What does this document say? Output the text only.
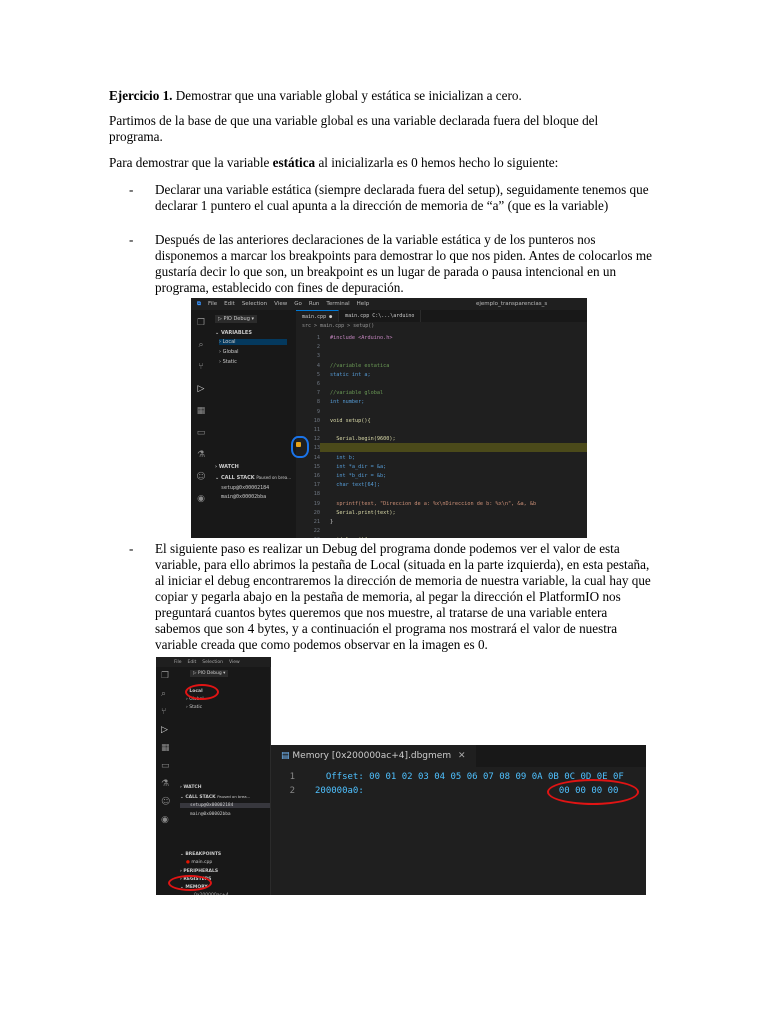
Ejercicio 1. Demostrar que una variable global y estática se inicializan a cero.

Partimos de la base de que una variable global es una variable declarada fuera del bloque del programa.

Para demostrar que la variable estática al inicializarla es 0 hemos hecho lo siguiente:

- Declarar una variable estática (siempre declarada fuera del setup), seguidamente tenemos que declarar 1 puntero el cual apunta a la dirección de memoria de “a” (que es la variable)
- Después de las anteriores declaraciones de la variable estática y de los punteros nos disponemos a marcar los breakpoints para demostrar lo que nos piden. Antes de colocarlos me gustaría decir lo que son, un breakpoint es un lugar de parada o pausa intencional en un programa, establecido con fines de depuración.
⧉ File Edit Selection View Go Run Terminal Help	ejemplo_transparencias_s
❐
⌕
⑂
▷
▦
▭
⚗
☺
◉
▷ PIO Debug ▾
⌄ VARIABLES
› Local
› Global
› Static
› WATCH
⌄ CALL STACK Paused on brea...
setup@0x00002184
main@0x00002bba
main.cpp ●	main.cpp C:\...\arduino
src > main.cpp > setup()
1 #include <Arduino.h>
2
3
4 //variable estatica
5 static int a;
6
7 //variable global
8 int number;
9
10 void setup(){
11
12 Serial.begin(9600);
13
14 int b;
15 int *a_dir = &a;
16 int *b_dir = &b;
17 char text[64];
18
19 sprintf(text, "Direccion de a: %x\nDireccion de b: %x\n", &a, &b
20 Serial.print(text);
21 }
22
- El siguiente paso es realizar un Debug del programa donde podemos ver el valor de esta variable, para ello abrimos la pestaña de Local (situada en la parte izquierda), en esta pestaña, al iniciar el debug encontraremos la dirección de memoria de nuestra variable, la cual hay que copiar y pegarla abajo en la pestaña de memoria, al pegar la dirección el PlatformIO nos preguntará cuantos bytes queremos que nos muestre, al tratarse de una variable entera sabemos que son 4 bytes, y a continuación el programa nos mostrará el valor de nuestra variable creada que como podemos observar en la imagen es 0.
File Edit Selection View
❐
⌕
⑂
▷
▦
▭
⚗
☺
◉
▷ PIO Debug ▾
› Local
› Global
› Static
› WATCH
⌄ CALL STACK Paused on brea...
setup@0x00002184
main@0x00002bba
⌄ BREAKPOINTS
● main.cpp
› PERIPHERALS
› REGISTERS
⌄ MEMORY
▤ Memory [0x200000ac+4].dbgmem ✕
1 Offset: 00 01 02 03 04 05 06 07 08 09 0A 0B 0C 0D 0E 0F
2 200000a0:                                    00 00 00 00
